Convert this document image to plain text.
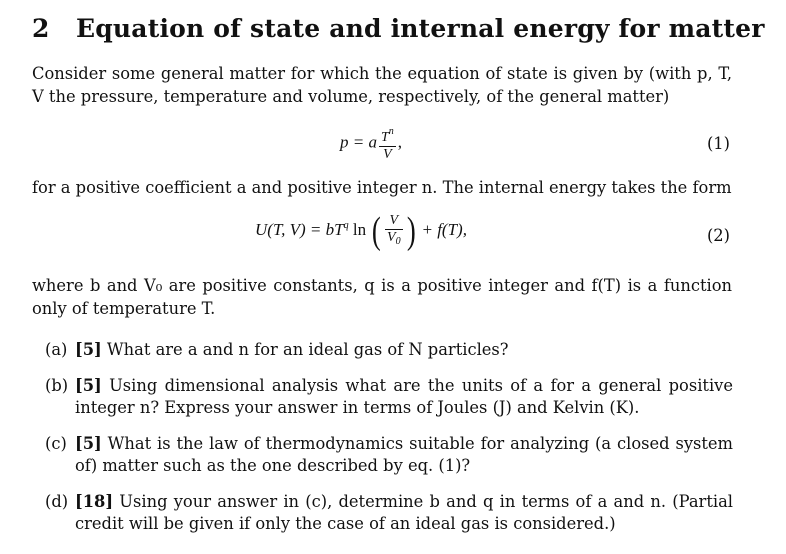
2 Equation of state and internal energy for matter
Consider some general matter for which the equation of state is given by (with p, T, V the pressure, temperature and volume, respectively, of the general matter)
p = a $\frac{T^n}{V}$ ,	(1)
for a positive coefficient a and positive integer n. The internal energy takes the form
U(T, $V) = bT^q$ ln ( $\frac{V}{V_0}$ ) + f(T),	(2)
where b and V₀ are positive constants, q is a positive integer and f(T) is a function only of temperature T.
(a) [5] What are a and n for an ideal gas of N particles?
(b) [5] Using dimensional analysis what are the units of a for a general positive integer n? Express your answer in terms of Joules (J) and Kelvin (K).
(c) [5] What is the law of thermodynamics suitable for analyzing (a closed system of) matter such as the one described by eq. (1)?
(d) [18] Using your answer in (c), determine b and q in terms of a and n. (Partial credit will be given if only the case of an ideal gas is considered.)
